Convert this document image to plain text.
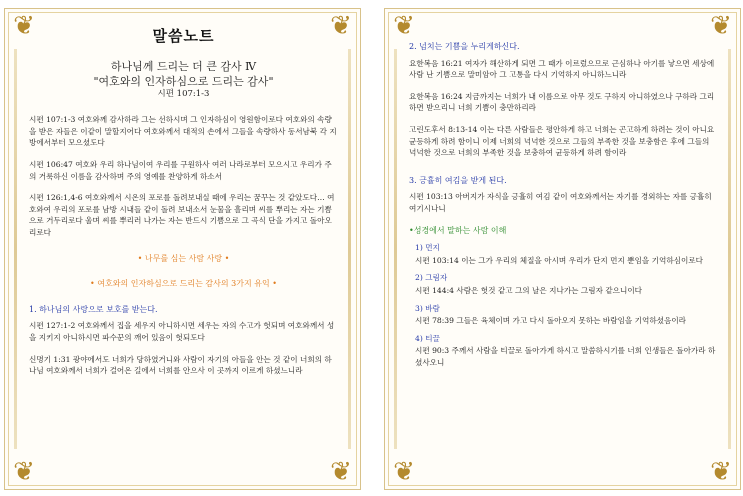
❦	❦
❦	❦
말씀노트
하나님께 드리는 더 큰 감사 Ⅳ
"여호와의 인자하심으로 드리는 감사"
시편 107:1-3

시편 107:1-3 여호와께 감사하라 그는 선하시며 그 인자하심이 영원함이로다 여호와의 속량을 받은 자들은 이같이 말할지어다 여호와께서 대적의 손에서 그들을 속량하사 동서남북 각 지방에서부터 모으셨도다

시편 106:47 여호와 우리 하나님이여 우리를 구원하사 여러 나라로부터 모으시고 우리가 주의 거룩하신 이름을 감사하며 주의 영예를 찬양하게 하소서

시편 126:1,4-6 여호와께서 시온의 포로를 돌려보내실 때에 우리는 꿈꾸는 것 같았도다… 여호와여 우리의 포로를 남방 시내들 같이 돌려 보내소서 눈물을 흘리며 씨를 뿌리는 자는 기쁨으로 거두리로다 울며 씨를 뿌리러 나가는 자는 반드시 기쁨으로 그 곡식 단을 가지고 돌아오리로다

• 나무를 심는 사람 사랑 •
• 여호와의 인자하심으로 드리는 감사의 3가지 유익 •
1. 하나님의 사랑으로 보호를 받는다.

시편 127:1-2 여호와께서 집을 세우지 아니하시면 세우는 자의 수고가 헛되며 여호와께서 성을 지키지 아니하시면 파수꾼의 깨어 있음이 헛되도다

신명기 1:31 광야에서도 너희가 당하였거니와 사람이 자기의 아들을 안는 것 같이 너희의 하나님 여호와께서 너희가 걸어온 길에서 너희를 안으사 이 곳까지 이르게 하셨느니라

❦	❦
❦	❦
2. 넘치는 기쁨을 누리게하신다.

요한복음 16:21 여자가 해산하게 되면 그 때가 이르렀으므로 근심하나 아기를 낳으면 세상에 사람 난 기쁨으로 말미암아 그 고통을 다시 기억하지 아니하느니라

요한복음 16:24 지금까지는 너희가 내 이름으로 아무 것도 구하지 아니하였으나 구하라 그리하면 받으리니 너희 기쁨이 충만하리라

고린도후서 8:13-14 이는 다른 사람들은 평안하게 하고 너희는 곤고하게 하려는 것이 아니요 균등하게 하려 함이니 이제 너희의 넉넉한 것으로 그들의 부족한 것을 보충함은 후에 그들의 넉넉한 것으로 너희의 부족한 것을 보충하여 균등하게 하려 함이라

3. 긍휼히 여김을 받게 된다.

시편 103:13 아버지가 자식을 긍휼히 여김 같이 여호와께서는 자기를 경외하는 자를 긍휼히 여기시나니

•성경에서 말하는 사람 이해
1) 먼지
시편 103:14 이는 그가 우리의 체질을 아시며 우리가 단지 먼지 뿐임을 기억하심이로다
2) 그림자
시편 144:4 사람은 헛것 같고 그의 날은 지나가는 그림자 같으니이다
3) 바람
시편 78:39 그들은 육체이며 가고 다시 돌아오지 못하는 바람임을 기억하셨음이라
4) 티끌
시편 90:3 주께서 사람을 티끌로 돌아가게 하시고 말씀하시기를 너희 인생들은 돌아가라 하셨사오니
